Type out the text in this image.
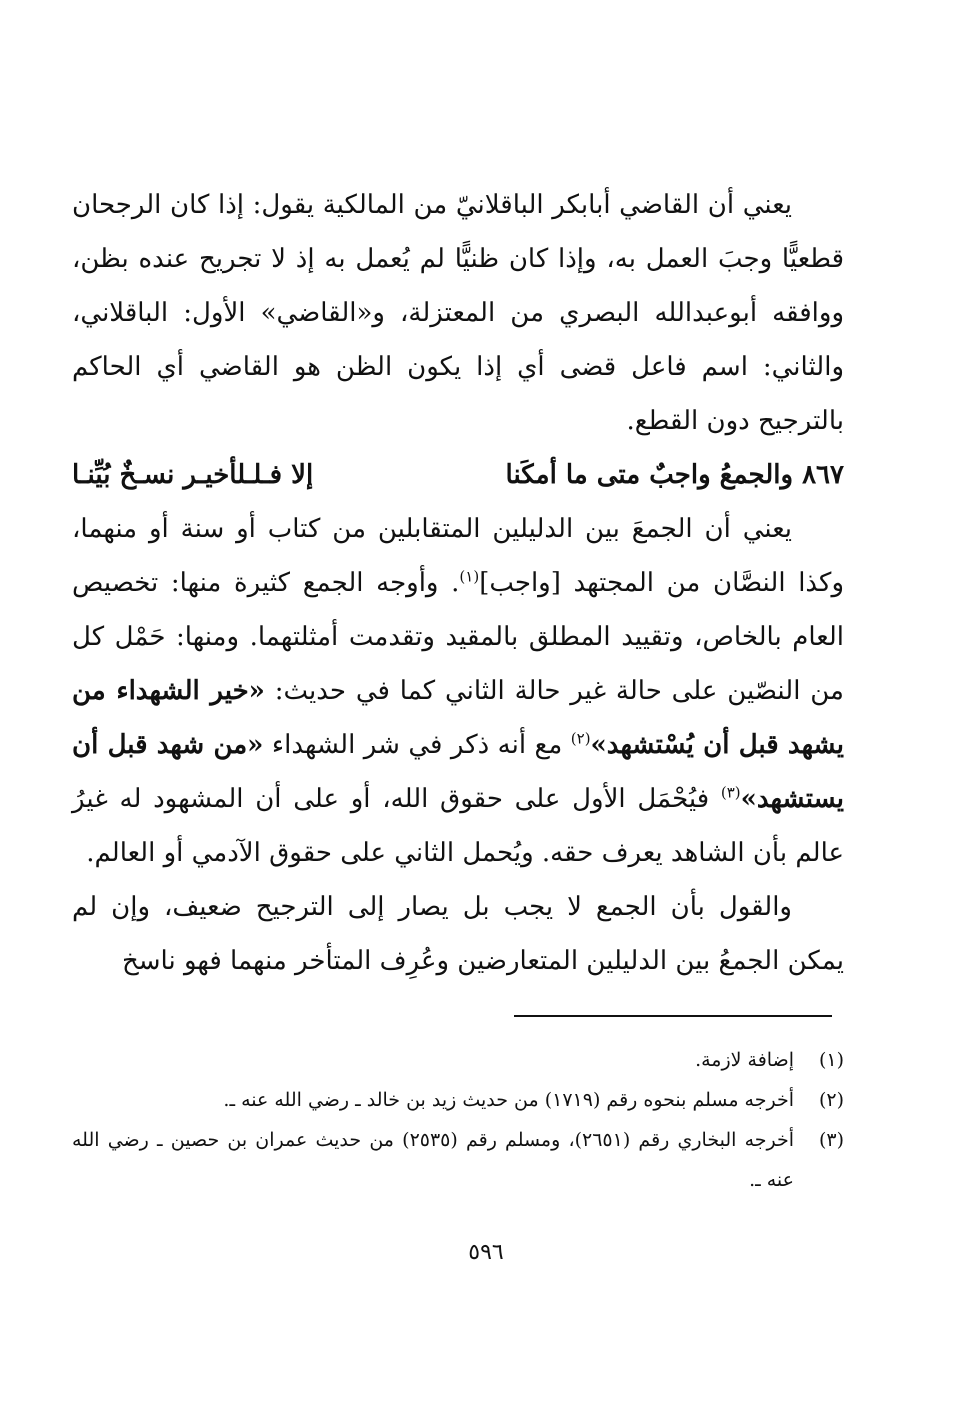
يعني أن القاضي أبابكر الباقلانيّ من المالكية يقول: إذا كان الرجحان قطعيًّا وجبَ العمل به، وإذا كان ظنيًّا لم يُعمل به إذ لا تجريح عنده بظن، ووافقه أبوعبدالله البصري من المعتزلة، و«القاضي» الأول: الباقلاني، والثاني: اسم فاعل قضى أي إذا يكون الظن هو القاضي أي الحاكم بالترجيح دون القطع.

٨٦٧ والجمعُ واجبٌ متى ما أمكَنا
إلا فـلـلأخيـر نسـخٌ بُيِّنـا

يعني أن الجمعَ بين الدليلين المتقابلين من كتاب أو سنة أو منهما، وكذا النصَّان من المجتهد [واجب]$^{(١)}$. وأوجه الجمع كثيرة منها: تخصيص العام بالخاص، وتقييد المطلق بالمقيد وتقدمت أمثلتهما. ومنها: حَمْل كل من النصّين على حالة غير حالة الثاني كما في حديث: «خير الشهداء من يشهد قبل أن يُسْتشهد»$^{(٢)}$ مع أنه ذكر في شر الشهداء «من شهد قبل أن يستشهد»$^{(٣)}$ فيُحْمَل الأول على حقوق الله، أو على أن المشهود له غيرُ عالم بأن الشاهد يعرف حقه. ويُحمل الثاني على حقوق الآدمي أو العالم.

والقول بأن الجمع لا يجب بل يصار إلى الترجيح ضعيف، وإن لم يمكن الجمعُ بين الدليلين المتعارضين وعُرِف المتأخر منهما فهو ناسخ

(١)
إضافة لازمة.
(٢)
أخرجه مسلم بنحوه رقم (١٧١٩) من حديث زيد بن خالد ـ رضي الله عنه ـ.
(٣)
أخرجه البخاري رقم (٢٦٥١)، ومسلم رقم (٢٥٣٥) من حديث عمران بن حصين ـ رضي الله عنه ـ.
٥٩٦
